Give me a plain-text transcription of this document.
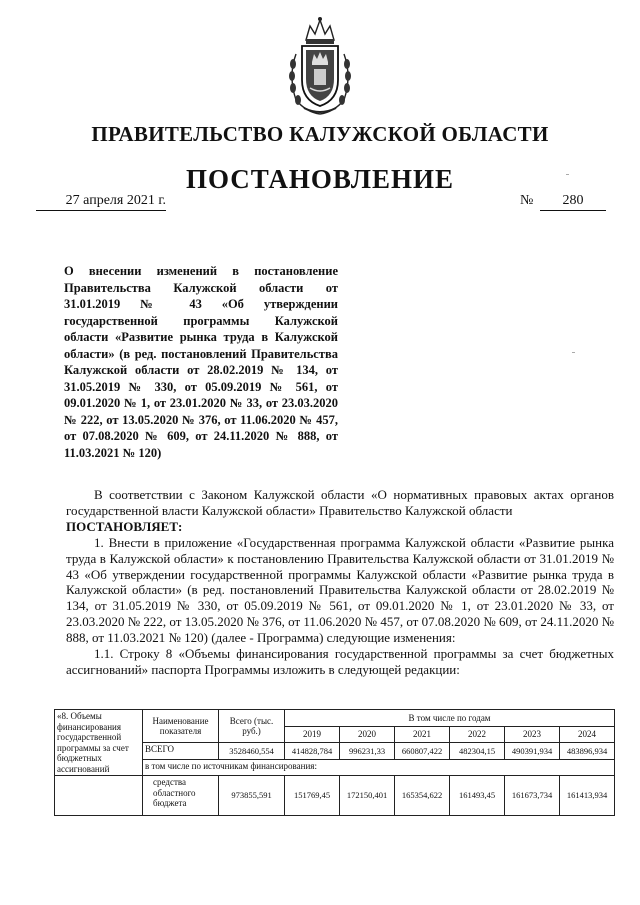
ПРАВИТЕЛЬСТВО КАЛУЖСКОЙ ОБЛАСТИ
ПОСТАНОВЛЕНИЕ
27 апреля 2021 г.	№	280

О внесении изменений в постановление Правительства Калужской области от 31.01.2019 № 43 «Об утверждении государственной программы Калужской области «Развитие рынка труда в Калужской области» (в ред. постановлений Правительства Калужской области от 28.02.2019 № 134, от 31.05.2019 № 330, от 05.09.2019 № 561, от 09.01.2020 № 1, от 23.01.2020 № 33, от 23.03.2020 № 222, от 13.05.2020 № 376, от 11.06.2020 № 457, от 07.08.2020 № 609, от 24.11.2020 № 888, от 11.03.2021 № 120)

В соответствии с Законом Калужской области «О нормативных правовых актах органов государственной власти Калужской области» Правительство Калужской области

ПОСТАНОВЛЯЕТ:

1. Внести в приложение «Государственная программа Калужской области «Развитие рынка труда в Калужской области» к постановлению Правительства Калужской области от 31.01.2019 № 43 «Об утверждении государственной программы Калужской области «Развитие рынка труда в Калужской области» (в ред. постановлений Правительства Калужской области от 28.02.2019 № 134, от 31.05.2019 № 330, от 05.09.2019 № 561, от 09.01.2020 № 1, от 23.01.2020 № 33, от 23.03.2020 № 222, от 13.05.2020 № 376, от 11.06.2020 № 457, от 07.08.2020 № 609, от 24.11.2020 № 888, от 11.03.2021 № 120) (далее - Программа) следующие изменения:

1.1. Строку 8 «Объемы финансирования государственной программы за счет бюджетных ассигнований» паспорта Программы изложить в следующей редакции:

«8. Объемы финансирования государственной программы за счет бюджетных ассигнований	Наименование показателя	Всего (тыс. руб.)	В том числе по годам					
			2019	2020	2021	2022	2023	2024
	ВСЕГО	3528460,554	414828,784	996231,33	660807,422	482304,15	490391,934	483896,934
	в том числе по источникам финансирования:							
	средства областного бюджета	973855,591	151769,45	172150,401	165354,622	161493,45	161673,734	161413,934
